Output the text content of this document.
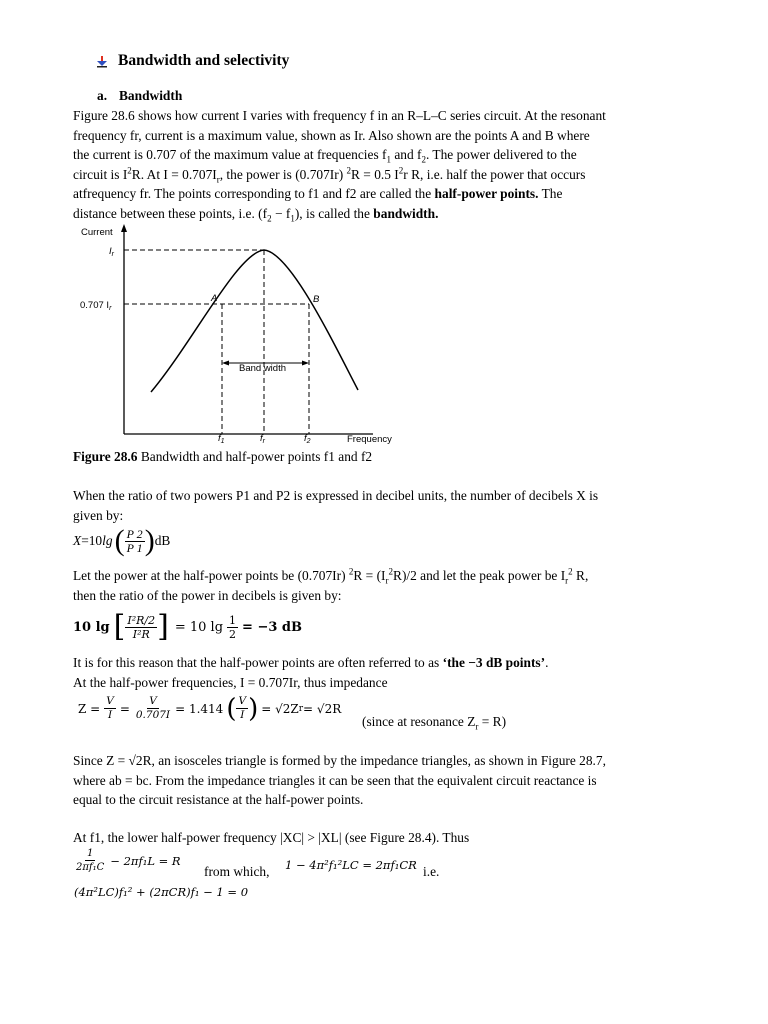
Bandwidth and selectivity
a. Bandwidth
Figure 28.6 shows how current I varies with frequency f in an R–L–C series circuit. At the resonant
frequency fr, current is a maximum value, shown as Ir. Also shown are the points A and B where
the current is 0.707 of the maximum value at frequencies $f_1$ and $f_2$. The power delivered to the
circuit is $I^2R$. At $I = 0.707I_r$, the power is (0.707Ir) $^2$R = 0.5 $I^2r$ R, i.e. half the power that occurs
atfrequency fr. The points corresponding to f1 and f2 are called the half-power points. The
distance between these points, i.e. $(f_2 - f_1)$, is called the bandwidth.
Current
$I_r$
0.707 $I_r$
A	B
Band width
$f_1$	$f_r$	$f_2$	Frequency
Figure 28.6 Bandwidth and half-power points f1 and f2
When the ratio of two powers P1 and P2 is expressed in decibel units, the number of decibels X is
given by:
X =10 lg ( $\frac{P 2}{P 1}$ ) dB
Let the power at the half-power points be (0.707Ir) $^2R = (I_r^2R)/2$ and let the peak power be $I_r^2$ R,
then the ratio of the power in decibels is given by:
10 lg [ $\frac{\text{I²R/2}}{\text{I²R}}$ ] = 10 $\lg \frac{1}{2} = -3$ dB
It is for this reason that the half-power points are often referred to as ‘the −3 dB points’.
At the half-power frequencies, I = 0.707Ir, thus impedance
$Z = \frac{V}{I} = \frac{V}{0.707I} = 1.414$ ( $\frac{V}{I}$ ) = √2Z r = √2R
(since at resonance $Z_r = R$)
Since Z = √2R, an isosceles triangle is formed by the impedance triangles, as shown in Figure 28.7,
where ab = bc. From the impedance triangles it can be seen that the equivalent circuit reactance is
equal to the circuit resistance at the half-power points.
At f1, the lower half-power frequency |XC| > |XL| (see Figure 28.4). Thus
$\frac{1}{\text{2πf₁C}} - 2\pi f_1L = R$
from which, 1 − 4π²f₁²LC = 2πf₁CR i.e.
(4π²LC)f₁² + (2πCR)f₁ − 1 = 0
